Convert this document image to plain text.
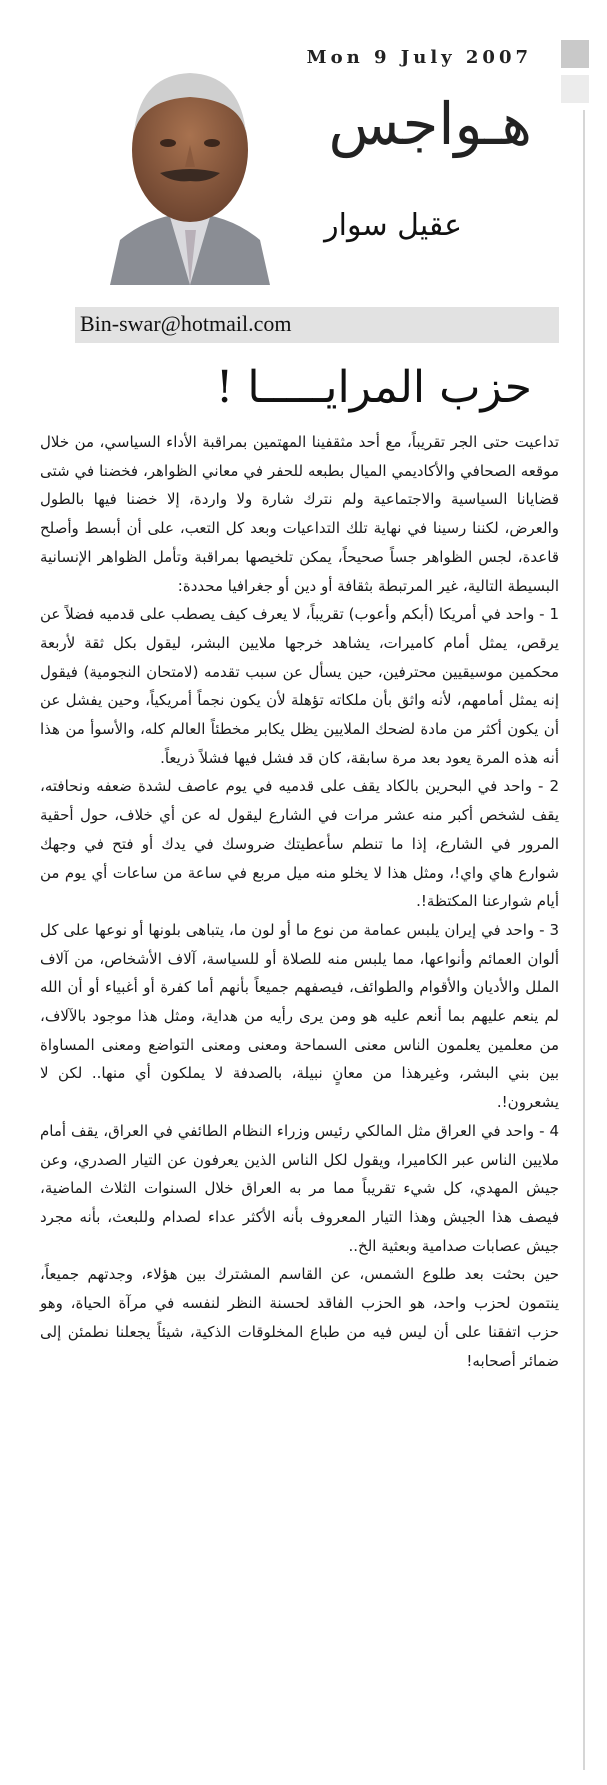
Mon 9 July 2007
هـواجس
عقيل سوار
Bin-swar@hotmail.com
حزب المرايـــــا !

تداعيت حتى الجر تقريباً، مع أحد مثقفينا المهتمين بمراقبة الأداء السياسي، من خلال موقعه الصحافي والأكاديمي الميال بطبعه للحفر في معاني الظواهر، فخضنا في شتى قضايانا السياسية والاجتماعية ولم نترك شارة ولا واردة، إلا خضنا فيها بالطول والعرض، لكننا رسينا في نهاية تلك التداعيات وبعد كل التعب، على أن أبسط وأصلح قاعدة، لجس الظواهر جساً صحيحاً، يمكن تلخيصها بمراقبة وتأمل الظواهر الإنسانية البسيطة التالية، غير المرتبطة بثقافة أو دين أو جغرافيا محددة:

1 - واحد في أمريكا (أبكم وأعوب) تقريباً، لا يعرف كيف يصطب على قدميه فضلاً عن يرقص، يمثل أمام كاميرات، يشاهد خرجها ملايين البشر، ليقول بكل ثقة لأربعة محكمين موسيقيين محترفين، حين يسأل عن سبب تقدمه (لامتحان النجومية) فيقول إنه يمثل أمامهم، لأنه واثق بأن ملكاته تؤهلة لأن يكون نجماً أمريكياً، وحين يفشل عن أن يكون أكثر من مادة لضحك الملايين يظل يكابر مخطئاً العالم كله، والأسوأ من هذا أنه هذه المرة يعود بعد مرة سابقة، كان قد فشل فيها فشلاً ذريعاً.

2 - واحد في البحرين بالكاد يقف على قدميه في يوم عاصف لشدة ضعفه ونحافته، يقف لشخص أكبر منه عشر مرات في الشارع ليقول له عن أي خلاف، حول أحقية المرور في الشارع، إذا ما تنطم سأعطيتك ضروسك في يدك أو فتح في وجهك شوارع هاي واي!، ومثل هذا لا يخلو منه ميل مربع في ساعة من ساعات أي يوم من أيام شوارعنا المكتظة!.

3 - واحد في إيران يلبس عمامة من نوع ما أو لون ما، يتباهى بلونها أو نوعها على كل ألوان العمائم وأنواعها، مما يلبس منه للصلاة أو للسياسة، آلاف الأشخاص، من آلاف الملل والأديان والأقوام والطوائف، فيصفهم جميعاً بأنهم أما كفرة أو أغبياء أو أن الله لم ينعم عليهم بما أنعم عليه هو ومن يرى رأيه من هداية، ومثل هذا موجود بالآلاف، من معلمين يعلمون الناس معنى السماحة ومعنى ومعنى التواضع ومعنى المساواة بين بني البشر، وغيرهذا من معانٍ نبيلة، بالصدفة لا يملكون أي منها.. لكن لا يشعرون!.

4 - واحد في العراق مثل المالكي رئيس وزراء النظام الطائفي في العراق، يقف أمام ملايين الناس عبر الكاميرا، ويقول لكل الناس الذين يعرفون عن التيار الصدري، وعن جيش المهدي، كل شيء تقريباً مما مر به العراق خلال السنوات الثلاث الماضية، فيصف هذا الجيش وهذا التيار المعروف بأنه الأكثر عداء لصدام وللبعث، بأنه مجرد جيش عصابات صدامية وبعثية الخ..

حين بحثت بعد طلوع الشمس، عن القاسم المشترك بين هؤلاء، وجدتهم جميعاً، ينتمون لحزب واحد، هو الحزب الفاقد لحسنة النظر لنفسه في مرآة الحياة، وهو حزب اتفقنا على أن ليس فيه من طباع المخلوقات الذكية، شيئاً يجعلنا نطمئن إلى ضمائر أصحابه!
